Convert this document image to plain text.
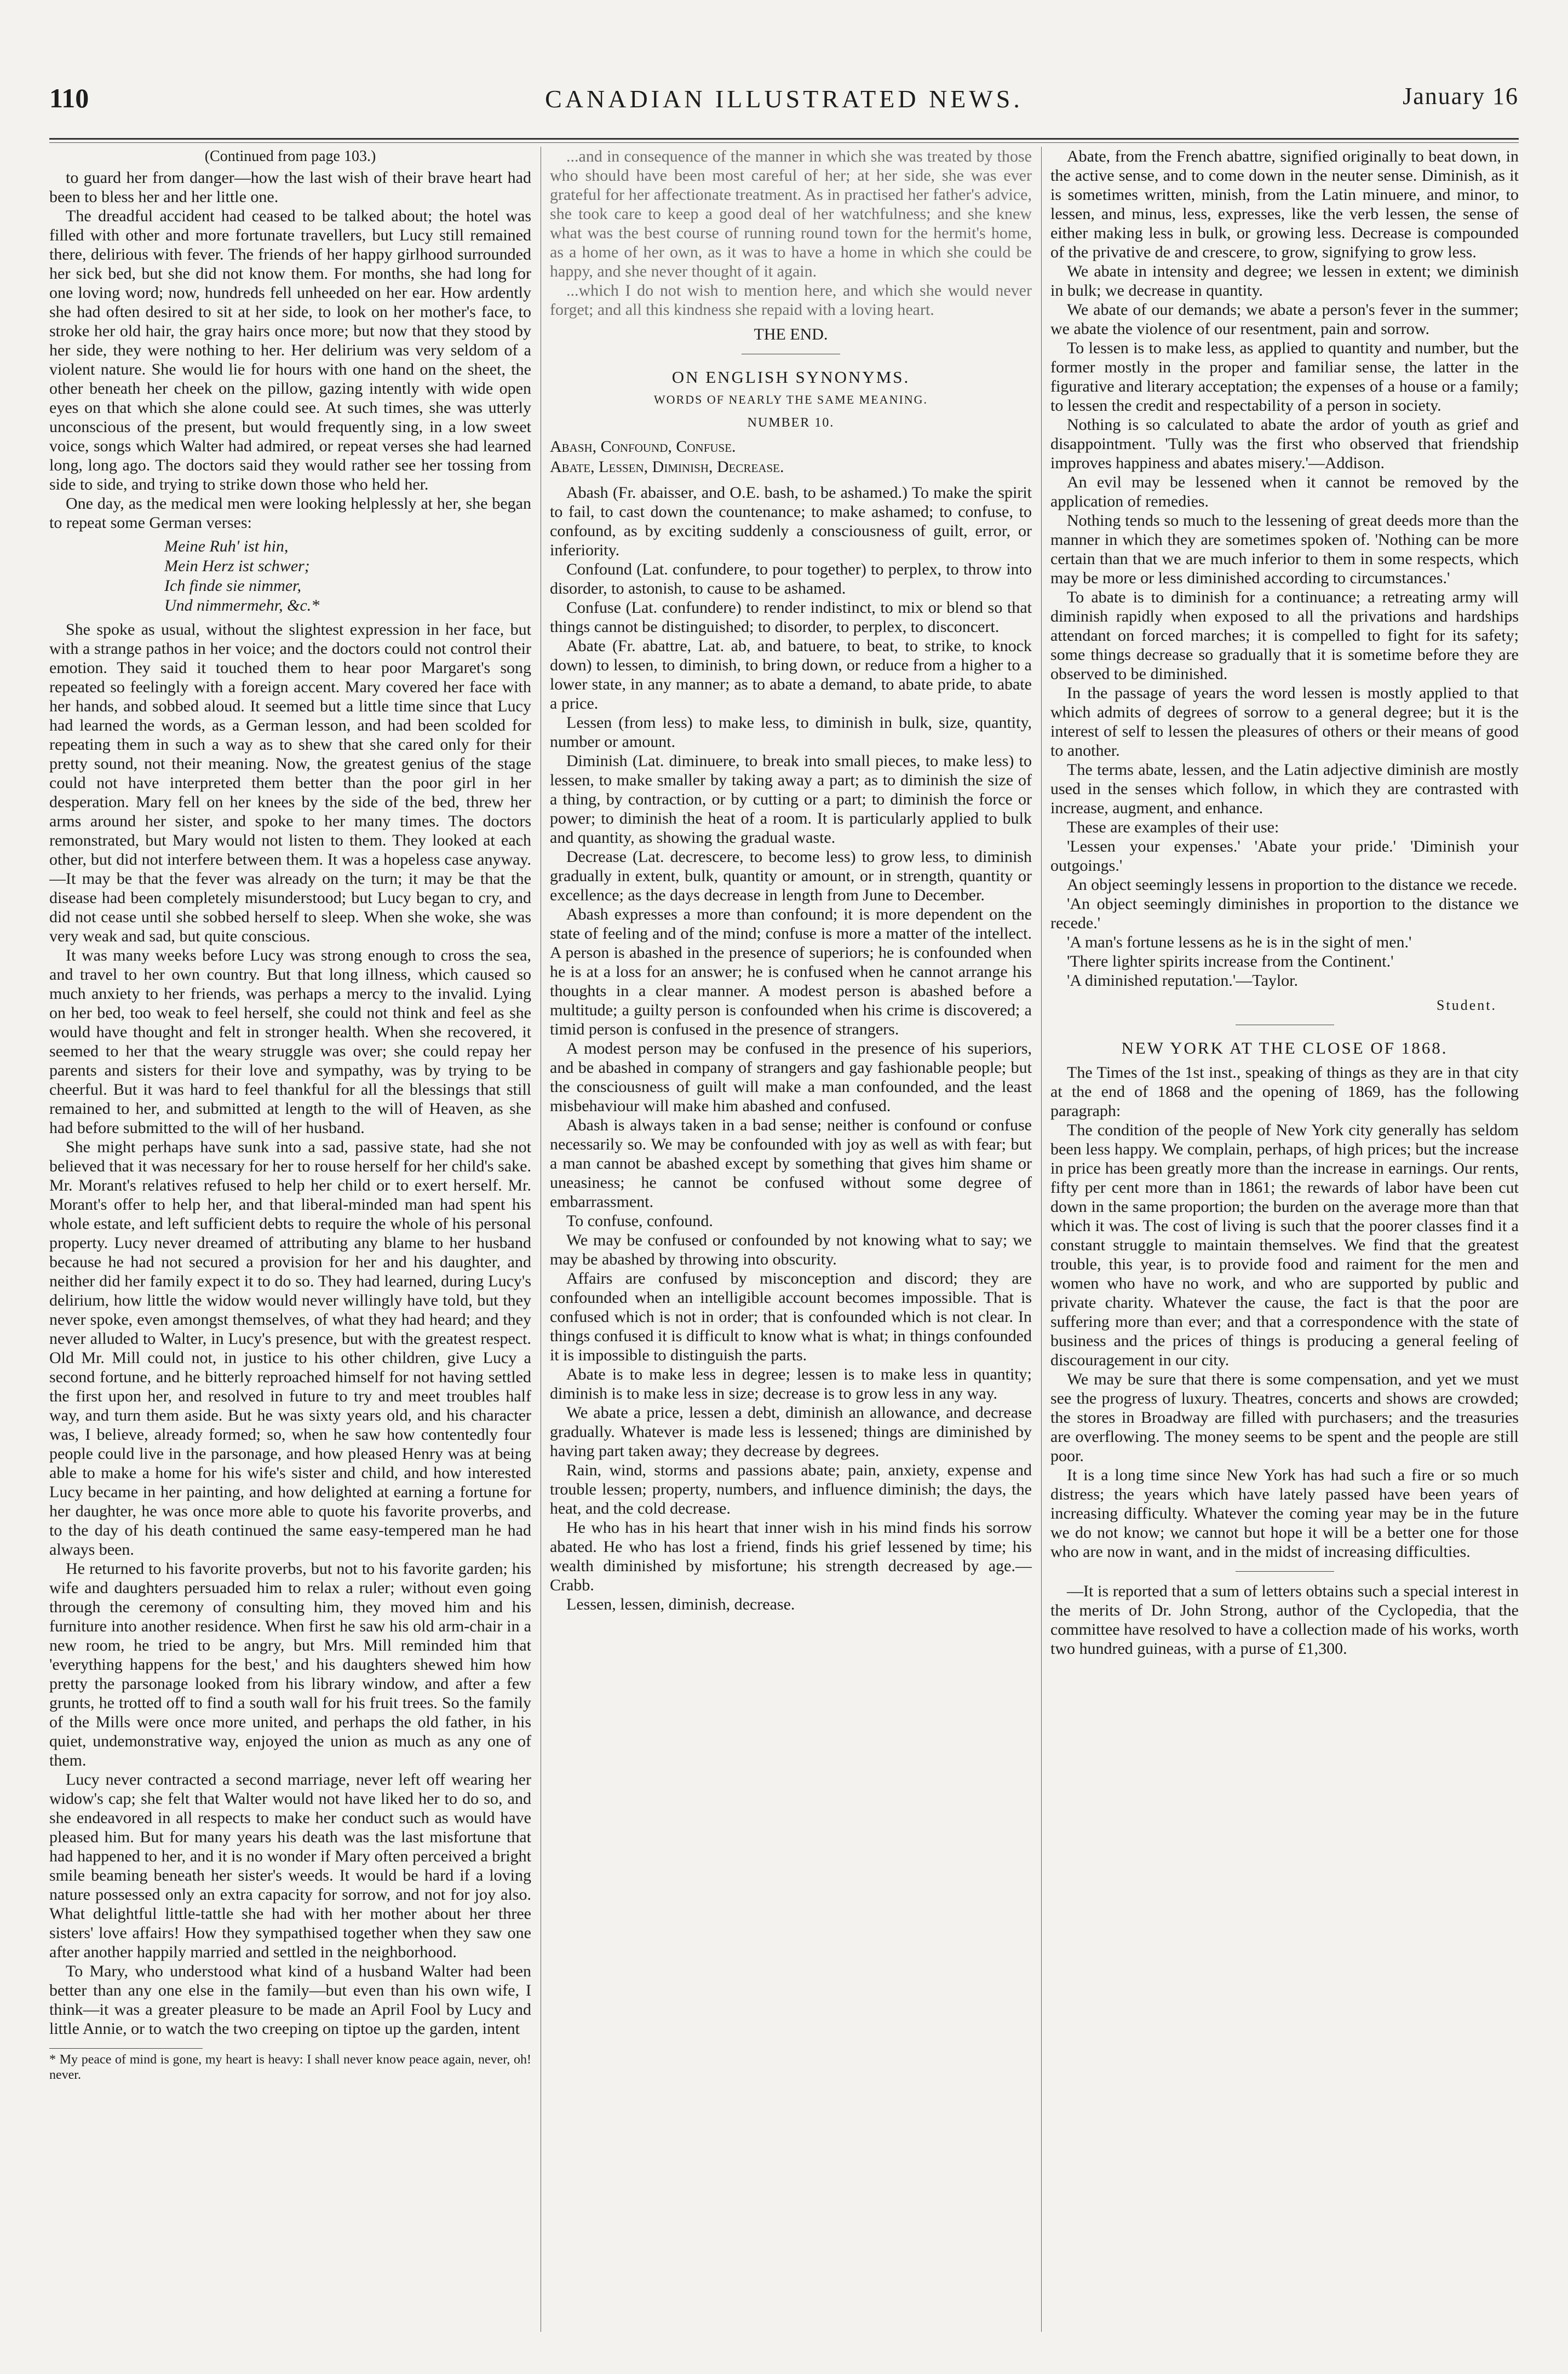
110	CANADIAN ILLUSTRATED NEWS.	January 16
(Continued from page 103.)

to guard her from danger—how the last wish of their brave heart had been to bless her and her little one.

The dreadful accident had ceased to be talked about; the hotel was filled with other and more fortunate travellers, but Lucy still remained there, delirious with fever. The friends of her happy girlhood surrounded her sick bed, but she did not know them. For months, she had long for one loving word; now, hundreds fell unheeded on her ear. How ardently she had often desired to sit at her side, to look on her mother's face, to stroke her old hair, the gray hairs once more; but now that they stood by her side, they were nothing to her. Her delirium was very seldom of a violent nature. She would lie for hours with one hand on the sheet, the other beneath her cheek on the pillow, gazing intently with wide open eyes on that which she alone could see. At such times, she was utterly unconscious of the present, but would frequently sing, in a low sweet voice, songs which Walter had admired, or repeat verses she had learned long, long ago. The doctors said they would rather see her tossing from side to side, and trying to strike down those who held her.

One day, as the medical men were looking helplessly at her, she began to repeat some German verses:

Meine Ruh' ist hin,
Mein Herz ist schwer;
Ich finde sie nimmer,
Und nimmermehr, &c.*

She spoke as usual, without the slightest expression in her face, but with a strange pathos in her voice; and the doctors could not control their emotion. They said it touched them to hear poor Margaret's song repeated so feelingly with a foreign accent. Mary covered her face with her hands, and sobbed aloud. It seemed but a little time since that Lucy had learned the words, as a German lesson, and had been scolded for repeating them in such a way as to shew that she cared only for their pretty sound, not their meaning. Now, the greatest genius of the stage could not have interpreted them better than the poor girl in her desperation. Mary fell on her knees by the side of the bed, threw her arms around her sister, and spoke to her many times. The doctors remonstrated, but Mary would not listen to them. They looked at each other, but did not interfere between them. It was a hopeless case anyway.—It may be that the fever was already on the turn; it may be that the disease had been completely misunderstood; but Lucy began to cry, and did not cease until she sobbed herself to sleep. When she woke, she was very weak and sad, but quite conscious.

It was many weeks before Lucy was strong enough to cross the sea, and travel to her own country. But that long illness, which caused so much anxiety to her friends, was perhaps a mercy to the invalid. Lying on her bed, too weak to feel herself, she could not think and feel as she would have thought and felt in stronger health. When she recovered, it seemed to her that the weary struggle was over; she could repay her parents and sisters for their love and sympathy, was by trying to be cheerful. But it was hard to feel thankful for all the blessings that still remained to her, and submitted at length to the will of Heaven, as she had before submitted to the will of her husband.

She might perhaps have sunk into a sad, passive state, had she not believed that it was necessary for her to rouse herself for her child's sake. Mr. Morant's relatives refused to help her child or to exert herself. Mr. Morant's offer to help her, and that liberal-minded man had spent his whole estate, and left sufficient debts to require the whole of his personal property. Lucy never dreamed of attributing any blame to her husband because he had not secured a provision for her and his daughter, and neither did her family expect it to do so. They had learned, during Lucy's delirium, how little the widow would never willingly have told, but they never spoke, even amongst themselves, of what they had heard; and they never alluded to Walter, in Lucy's presence, but with the greatest respect. Old Mr. Mill could not, in justice to his other children, give Lucy a second fortune, and he bitterly reproached himself for not having settled the first upon her, and resolved in future to try and meet troubles half way, and turn them aside. But he was sixty years old, and his character was, I believe, already formed; so, when he saw how contentedly four people could live in the parsonage, and how pleased Henry was at being able to make a home for his wife's sister and child, and how interested Lucy became in her painting, and how delighted at earning a fortune for her daughter, he was once more able to quote his favorite proverbs, and to the day of his death continued the same easy-tempered man he had always been.

He returned to his favorite proverbs, but not to his favorite garden; his wife and daughters persuaded him to relax a ruler; without even going through the ceremony of consulting him, they moved him and his furniture into another residence. When first he saw his old arm-chair in a new room, he tried to be angry, but Mrs. Mill reminded him that 'everything happens for the best,' and his daughters shewed him how pretty the parsonage looked from his library window, and after a few grunts, he trotted off to find a south wall for his fruit trees. So the family of the Mills were once more united, and perhaps the old father, in his quiet, undemonstrative way, enjoyed the union as much as any one of them.

Lucy never contracted a second marriage, never left off wearing her widow's cap; she felt that Walter would not have liked her to do so, and she endeavored in all respects to make her conduct such as would have pleased him. But for many years his death was the last misfortune that had happened to her, and it is no wonder if Mary often perceived a bright smile beaming beneath her sister's weeds. It would be hard if a loving nature possessed only an extra capacity for sorrow, and not for joy also. What delightful little-tattle she had with her mother about her three sisters' love affairs! How they sympathised together when they saw one after another happily married and settled in the neighborhood.

To Mary, who understood what kind of a husband Walter had been better than any one else in the family—but even than his own wife, I think—it was a greater pleasure to be made an April Fool by Lucy and little Annie, or to watch the two creeping on tiptoe up the garden, intent

* My peace of mind is gone, my heart is heavy: I shall never know peace again, never, oh! never.

...and in consequence of the manner in which she was treated by those who should have been most careful of her; at her side, she was ever grateful for her affectionate treatment. As in practised her father's advice, she took care to keep a good deal of her watchfulness; and she knew what was the best course of running round town for the hermit's home, as a home of her own, as it was to have a home in which she could be happy, and she never thought of it again.

...which I do not wish to mention here, and which she would never forget; and all this kindness she repaid with a loving heart.

THE END.

ON ENGLISH SYNONYMS.
WORDS OF NEARLY THE SAME MEANING.
NUMBER 10.
Abash, Confound, Confuse.
Abate, Lessen, Diminish, Decrease.

Abash (Fr. abaisser, and O.E. bash, to be ashamed.) To make the spirit to fail, to cast down the countenance; to make ashamed; to confuse, to confound, as by exciting suddenly a consciousness of guilt, error, or inferiority.

Confound (Lat. confundere, to pour together) to perplex, to throw into disorder, to astonish, to cause to be ashamed.

Confuse (Lat. confundere) to render indistinct, to mix or blend so that things cannot be distinguished; to disorder, to perplex, to disconcert.

Abate (Fr. abattre, Lat. ab, and batuere, to beat, to strike, to knock down) to lessen, to diminish, to bring down, or reduce from a higher to a lower state, in any manner; as to abate a demand, to abate pride, to abate a price.

Lessen (from less) to make less, to diminish in bulk, size, quantity, number or amount.

Diminish (Lat. diminuere, to break into small pieces, to make less) to lessen, to make smaller by taking away a part; as to diminish the size of a thing, by contraction, or by cutting or a part; to diminish the force or power; to diminish the heat of a room. It is particularly applied to bulk and quantity, as showing the gradual waste.

Decrease (Lat. decrescere, to become less) to grow less, to diminish gradually in extent, bulk, quantity or amount, or in strength, quantity or excellence; as the days decrease in length from June to December.

Abash expresses a more than confound; it is more dependent on the state of feeling and of the mind; confuse is more a matter of the intellect. A person is abashed in the presence of superiors; he is confounded when he is at a loss for an answer; he is confused when he cannot arrange his thoughts in a clear manner. A modest person is abashed before a multitude; a guilty person is confounded when his crime is discovered; a timid person is confused in the presence of strangers.

A modest person may be confused in the presence of his superiors, and be abashed in company of strangers and gay fashionable people; but the consciousness of guilt will make a man confounded, and the least misbehaviour will make him abashed and confused.

Abash is always taken in a bad sense; neither is confound or confuse necessarily so. We may be confounded with joy as well as with fear; but a man cannot be abashed except by something that gives him shame or uneasiness; he cannot be confused without some degree of embarrassment.

To confuse, confound.

We may be confused or confounded by not knowing what to say; we may be abashed by throwing into obscurity.

Affairs are confused by misconception and discord; they are confounded when an intelligible account becomes impossible. That is confused which is not in order; that is confounded which is not clear. In things confused it is difficult to know what is what; in things confounded it is impossible to distinguish the parts.

Abate is to make less in degree; lessen is to make less in quantity; diminish is to make less in size; decrease is to grow less in any way.

We abate a price, lessen a debt, diminish an allowance, and decrease gradually. Whatever is made less is lessened; things are diminished by having part taken away; they decrease by degrees.

Rain, wind, storms and passions abate; pain, anxiety, expense and trouble lessen; property, numbers, and influence diminish; the days, the heat, and the cold decrease.

He who has in his heart that inner wish in his mind finds his sorrow abated. He who has lost a friend, finds his grief lessened by time; his wealth diminished by misfortune; his strength decreased by age.—Crabb.

Lessen, lessen, diminish, decrease.

Abate, from the French abattre, signified originally to beat down, in the active sense, and to come down in the neuter sense. Diminish, as it is sometimes written, minish, from the Latin minuere, and minor, to lessen, and minus, less, expresses, like the verb lessen, the sense of either making less in bulk, or growing less. Decrease is compounded of the privative de and crescere, to grow, signifying to grow less.

We abate in intensity and degree; we lessen in extent; we diminish in bulk; we decrease in quantity.

We abate of our demands; we abate a person's fever in the summer; we abate the violence of our resentment, pain and sorrow.

To lessen is to make less, as applied to quantity and number, but the former mostly in the proper and familiar sense, the latter in the figurative and literary acceptation; the expenses of a house or a family; to lessen the credit and respectability of a person in society.

Nothing is so calculated to abate the ardor of youth as grief and disappointment. 'Tully was the first who observed that friendship improves happiness and abates misery.'—Addison.

An evil may be lessened when it cannot be removed by the application of remedies.

Nothing tends so much to the lessening of great deeds more than the manner in which they are sometimes spoken of. 'Nothing can be more certain than that we are much inferior to them in some respects, which may be more or less diminished according to circumstances.'

To abate is to diminish for a continuance; a retreating army will diminish rapidly when exposed to all the privations and hardships attendant on forced marches; it is compelled to fight for its safety; some things decrease so gradually that it is sometime before they are observed to be diminished.

In the passage of years the word lessen is mostly applied to that which admits of degrees of sorrow to a general degree; but it is the interest of self to lessen the pleasures of others or their means of good to another.

The terms abate, lessen, and the Latin adjective diminish are mostly used in the senses which follow, in which they are contrasted with increase, augment, and enhance.

These are examples of their use:

'Lessen your expenses.' 'Abate your pride.' 'Diminish your outgoings.'

An object seemingly lessens in proportion to the distance we recede.

'An object seemingly diminishes in proportion to the distance we recede.'

'A man's fortune lessens as he is in the sight of men.'

'There lighter spirits increase from the Continent.'

'A diminished reputation.'—Taylor.

Student.
NEW YORK AT THE CLOSE OF 1868.

The Times of the 1st inst., speaking of things as they are in that city at the end of 1868 and the opening of 1869, has the following paragraph:

The condition of the people of New York city generally has seldom been less happy. We complain, perhaps, of high prices; but the increase in price has been greatly more than the increase in earnings. Our rents, fifty per cent more than in 1861; the rewards of labor have been cut down in the same proportion; the burden on the average more than that which it was. The cost of living is such that the poorer classes find it a constant struggle to maintain themselves. We find that the greatest trouble, this year, is to provide food and raiment for the men and women who have no work, and who are supported by public and private charity. Whatever the cause, the fact is that the poor are suffering more than ever; and that a correspondence with the state of business and the prices of things is producing a general feeling of discouragement in our city.

We may be sure that there is some compensation, and yet we must see the progress of luxury. Theatres, concerts and shows are crowded; the stores in Broadway are filled with purchasers; and the treasuries are overflowing. The money seems to be spent and the people are still poor.

It is a long time since New York has had such a fire or so much distress; the years which have lately passed have been years of increasing difficulty. Whatever the coming year may be in the future we do not know; we cannot but hope it will be a better one for those who are now in want, and in the midst of increasing difficulties.

—It is reported that a sum of letters obtains such a special interest in the merits of Dr. John Strong, author of the Cyclopedia, that the committee have resolved to have a collection made of his works, worth two hundred guineas, with a purse of £1,300.
